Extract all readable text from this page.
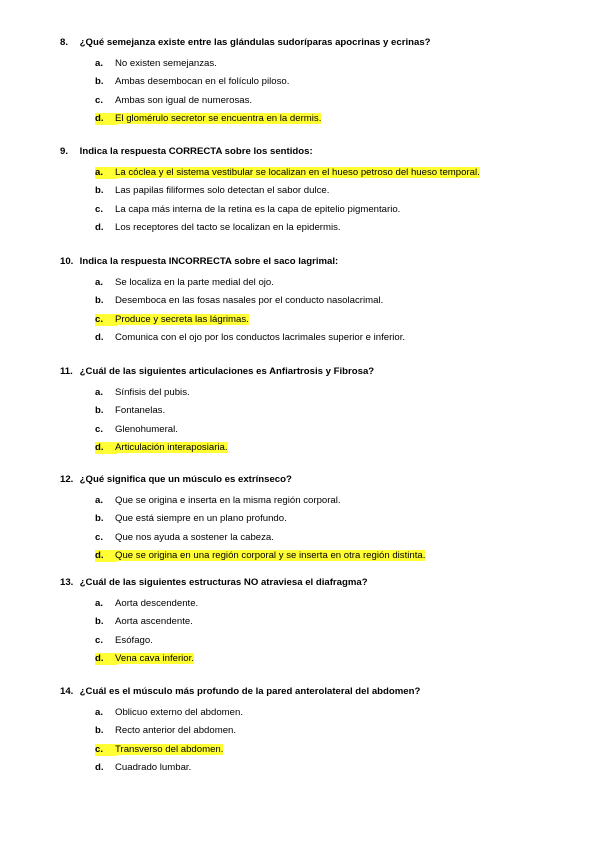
8. ¿Qué semejanza existe entre las glándulas sudoríparas apocrinas y ecrinas?

a. No existen semejanzas.
b. Ambas desembocan en el folículo piloso.
c. Ambas son igual de numerosas.
d. El glomérulo secretor se encuentra en la dermis.

9. Indica la respuesta CORRECTA sobre los sentidos:

a. La cóclea y el sistema vestibular se localizan en el hueso petroso del hueso temporal.
b. Las papilas filiformes solo detectan el sabor dulce.
c. La capa más interna de la retina es la capa de epitelio pigmentario.
d. Los receptores del tacto se localizan en la epidermis.

10. Indica la respuesta INCORRECTA sobre el saco lagrimal:

a. Se localiza en la parte medial del ojo.
b. Desemboca en las fosas nasales por el conducto nasolacrimal.
c. Produce y secreta las lágrimas.
d. Comunica con el ojo por los conductos lacrimales superior e inferior.

11. ¿Cuál de las siguientes articulaciones es Anfiartrosis y Fibrosa?

a. Sínfisis del pubis.
b. Fontanelas.
c. Glenohumeral.
d. Articulación interaposiaria.

12. ¿Qué significa que un músculo es extrínseco?

a. Que se origina e inserta en la misma región corporal.
b. Que está siempre en un plano profundo.
c. Que nos ayuda a sostener la cabeza.
d. Que se origina en una región corporal y se inserta en otra región distinta.

13. ¿Cuál de las siguientes estructuras NO atraviesa el diafragma?

a. Aorta descendente.
b. Aorta ascendente.
c. Esófago.
d. Vena cava inferior.

14. ¿Cuál es el músculo más profundo de la pared anterolateral del abdomen?

a. Oblicuo externo del abdomen.
b. Recto anterior del abdomen.
c. Transverso del abdomen.
d. Cuadrado lumbar.
